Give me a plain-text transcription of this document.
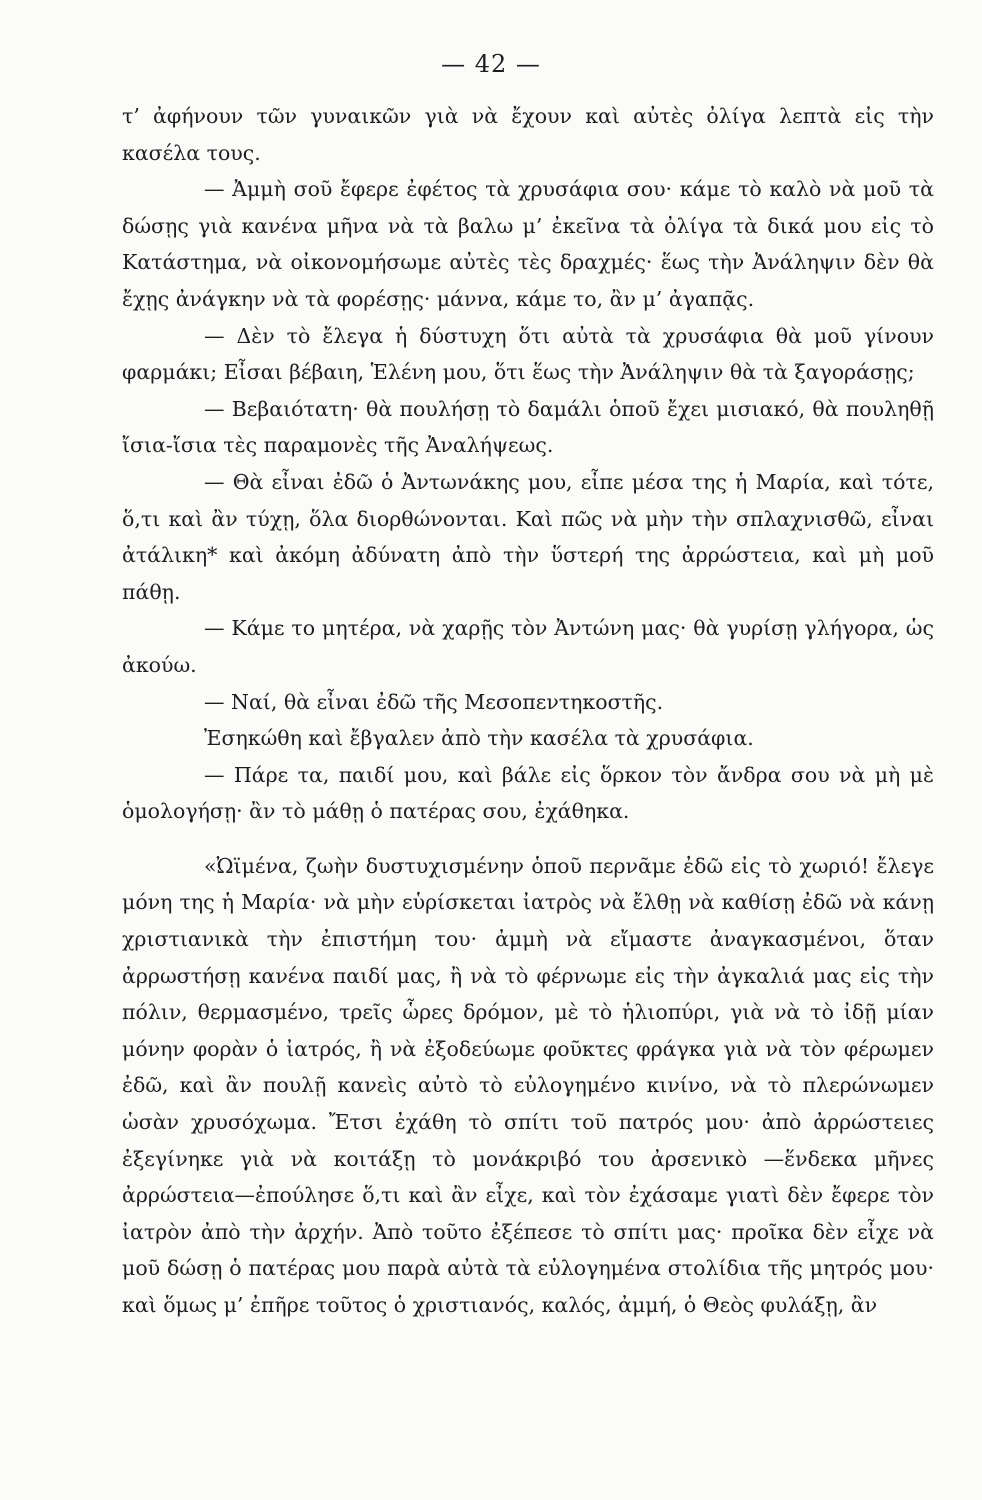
— 42 —

τ’ ἀφήνουν τῶν γυναικῶν γιὰ νὰ ἔχουν καὶ αὐτὲς ὀλίγα λεπτὰ εἰς τὴν κασέλα τους.

— Ἀμμὴ σοῦ ἔφερε ἐφέτος τὰ χρυσάφια σου· κάμε τὸ καλὸ νὰ μοῦ τὰ δώσῃς γιὰ κανένα μῆνα νὰ τὰ βαλω μ’ ἐκεῖνα τὰ ὀλίγα τὰ δικά μου εἰς τὸ Κατάστημα, νὰ οἰκονομήσωμε αὐτὲς τὲς δραχμές· ἕως τὴν Ἀνάληψιν δὲν θὰ ἔχῃς ἀνάγκην νὰ τὰ φορέσῃς· μάννα, κάμε το, ἂν μ’ ἀγαπᾷς.

— Δὲν τὸ ἔλεγα ἡ δύστυχη ὅτι αὐτὰ τὰ χρυσάφια θὰ μοῦ γίνουν φαρμάκι; Εἶσαι βέβαιη, Ἑλένη μου, ὅτι ἕως τὴν Ἀνάληψιν θὰ τὰ ξαγοράσῃς;

— Βεβαιότατη· θὰ πουλήσῃ τὸ δαμάλι ὁποῦ ἔχει μισιακό, θὰ πουληθῇ ἴσια-ἴσια τὲς παραμονὲς τῆς Ἀναλήψεως.

— Θὰ εἶναι ἐδῶ ὁ Ἀντωνάκης μου, εἶπε μέσα της ἡ Μαρία, καὶ τότε, ὅ,τι καὶ ἂν τύχῃ, ὅλα διορθώνονται. Καὶ πῶς νὰ μὴν τὴν σπλαχνισθῶ, εἶναι ἀτάλικη* καὶ ἀκόμη ἀδύνατη ἀπὸ τὴν ὕστερή της ἀρρώστεια, καὶ μὴ μοῦ πάθῃ.

— Κάμε το μητέρα, νὰ χαρῇς τὸν Ἀντώνη μας· θὰ γυρίσῃ γλήγορα, ὡς ἀκούω.

— Ναί, θὰ εἶναι ἐδῶ τῆς Μεσοπεντηκοστῆς.

Ἐσηκώθη καὶ ἔβγαλεν ἀπὸ τὴν κασέλα τὰ χρυσάφια.

— Πάρε τα, παιδί μου, καὶ βάλε εἰς ὅρκον τὸν ἄνδρα σου νὰ μὴ μὲ ὁμολογήσῃ· ἂν τὸ μάθῃ ὁ πατέρας σου, ἐχάθηκα.

«Ὠϊμένα, ζωὴν δυστυχισμένην ὁποῦ περνᾶμε ἐδῶ εἰς τὸ χωριό! ἔλεγε μόνη της ἡ Μαρία· νὰ μὴν εὑρίσκεται ἰατρὸς νὰ ἔλθῃ νὰ καθίσῃ ἐδῶ νὰ κάνῃ χριστιανικὰ τὴν ἐπιστήμη του· ἀμμὴ νὰ εἴμαστε ἀναγκασμένοι, ὅταν ἀρρωστήσῃ κανένα παιδί μας, ἢ νὰ τὸ φέρνωμε εἰς τὴν ἀγκαλιά μας εἰς τὴν πόλιν, θερμασμένο, τρεῖς ὧρες δρόμον, μὲ τὸ ἡλιοπύρι, γιὰ νὰ τὸ ἰδῇ μίαν μόνην φορὰν ὁ ἰατρός, ἢ νὰ ἐξοδεύωμε φοῦκτες φράγκα γιὰ νὰ τὸν φέρωμεν ἐδῶ, καὶ ἂν πουλῇ κανεὶς αὐτὸ τὸ εὐλογημένο κινίνο, νὰ τὸ πλερώνωμεν ὡσὰν χρυσόχωμα. Ἔτσι ἐχάθη τὸ σπίτι τοῦ πατρός μου· ἀπὸ ἀρρώστειες ἐξεγίνηκε γιὰ νὰ κοιτάξῃ τὸ μονάκριβό του ἀρσενικὸ —ἕνδεκα μῆνες ἀρρώστεια—ἐπούλησε ὅ,τι καὶ ἂν εἶχε, καὶ τὸν ἐχάσαμε γιατὶ δὲν ἔφερε τὸν ἰατρὸν ἀπὸ τὴν ἀρχήν. Ἀπὸ τοῦτο ἐξέπεσε τὸ σπίτι μας· προῖκα δὲν εἶχε νὰ μοῦ δώσῃ ὁ πατέρας μου παρὰ αὐτὰ τὰ εὐλογημένα στολίδια τῆς μητρός μου· καὶ ὅμως μ’ ἐπῆρε τοῦτος ὁ χριστιανός, καλός, ἀμμή, ὁ Θεὸς φυλάξῃ, ἂν
